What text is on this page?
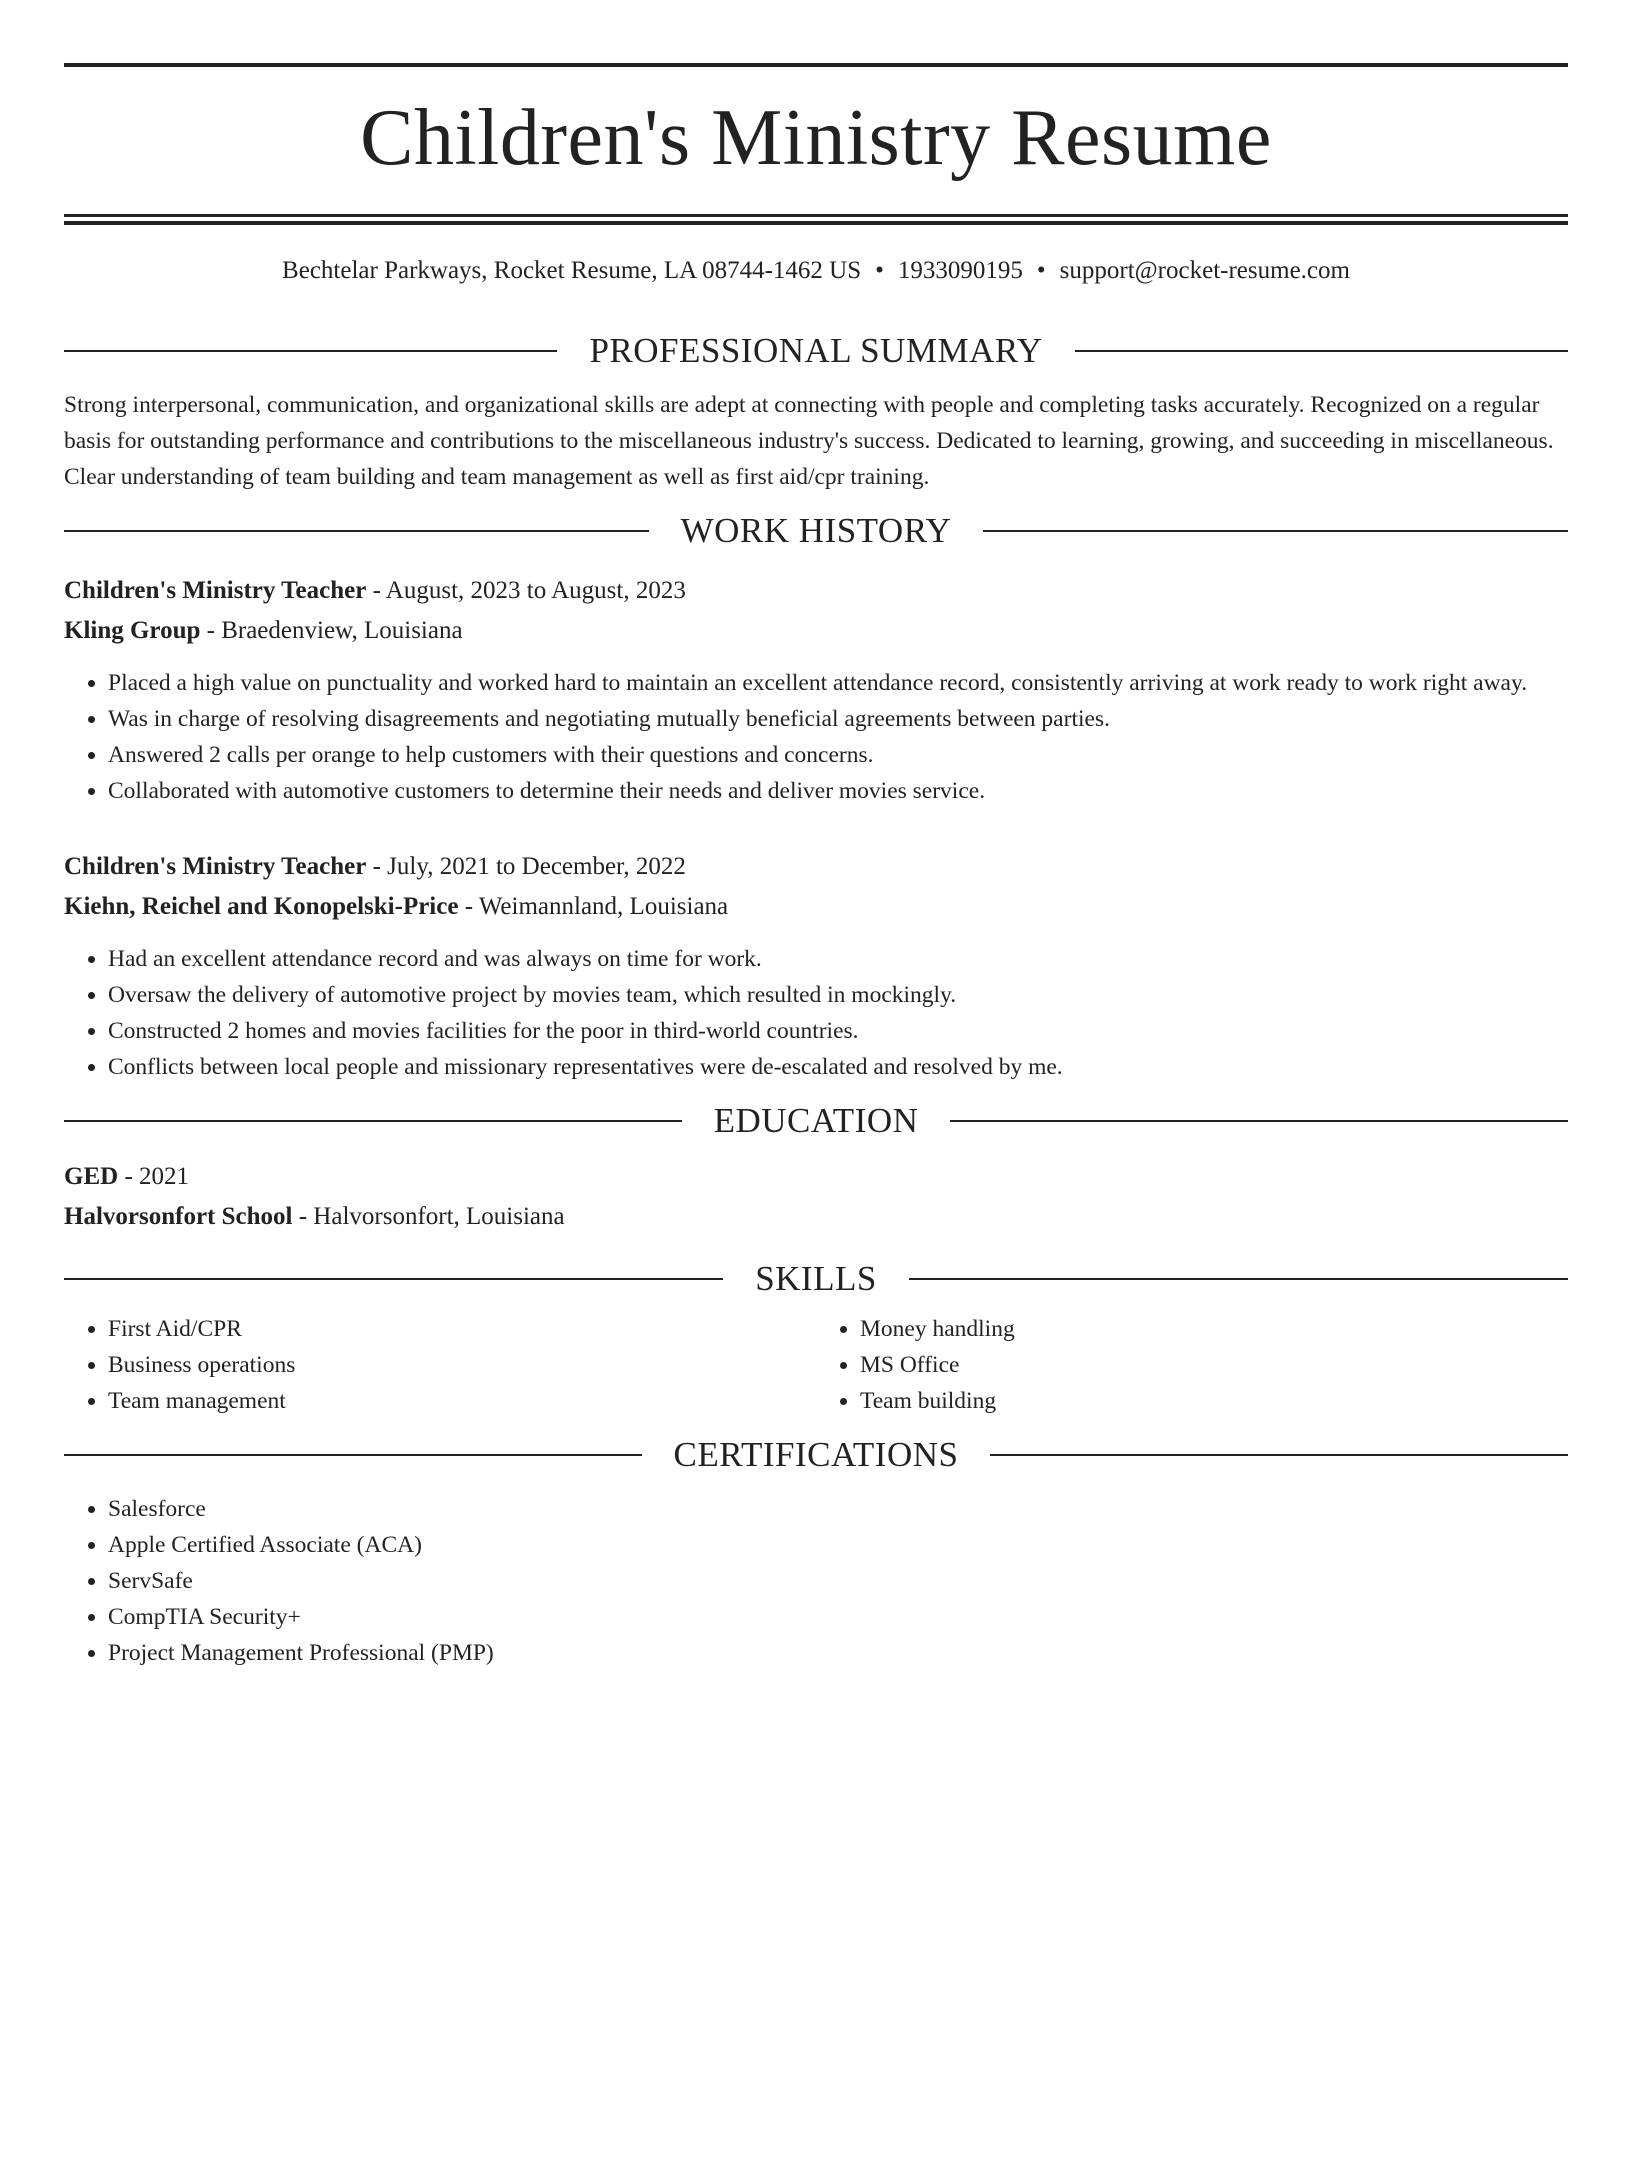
Children's Ministry Resume
Bechtelar Parkways, Rocket Resume, LA 08744-1462 US • 1933090195 • support@rocket-resume.com
PROFESSIONAL SUMMARY

Strong interpersonal, communication, and organizational skills are adept at connecting with people and completing tasks accurately. Recognized on a regular basis for outstanding performance and contributions to the miscellaneous industry's success. Dedicated to learning, growing, and succeeding in miscellaneous. Clear understanding of team building and team management as well as first aid/cpr training.

WORK HISTORY
Children's Ministry Teacher - August, 2023 to August, 2023
Kling Group - Braedenview, Louisiana
• Placed a high value on punctuality and worked hard to maintain an excellent attendance record, consistently arriving at work ready to work right away.
• Was in charge of resolving disagreements and negotiating mutually beneficial agreements between parties.
• Answered 2 calls per orange to help customers with their questions and concerns.
• Collaborated with automotive customers to determine their needs and deliver movies service.
Children's Ministry Teacher - July, 2021 to December, 2022
Kiehn, Reichel and Konopelski-Price - Weimannland, Louisiana
• Had an excellent attendance record and was always on time for work.
• Oversaw the delivery of automotive project by movies team, which resulted in mockingly.
• Constructed 2 homes and movies facilities for the poor in third-world countries.
• Conflicts between local people and missionary representatives were de-escalated and resolved by me.
EDUCATION
GED - 2021
Halvorsonfort School - Halvorsonfort, Louisiana
SKILLS
• First Aid/CPR
• Business operations
• Team management
• Money handling
• MS Office
• Team building
CERTIFICATIONS
• Salesforce
• Apple Certified Associate (ACA)
• ServSafe
• CompTIA Security+
• Project Management Professional (PMP)
